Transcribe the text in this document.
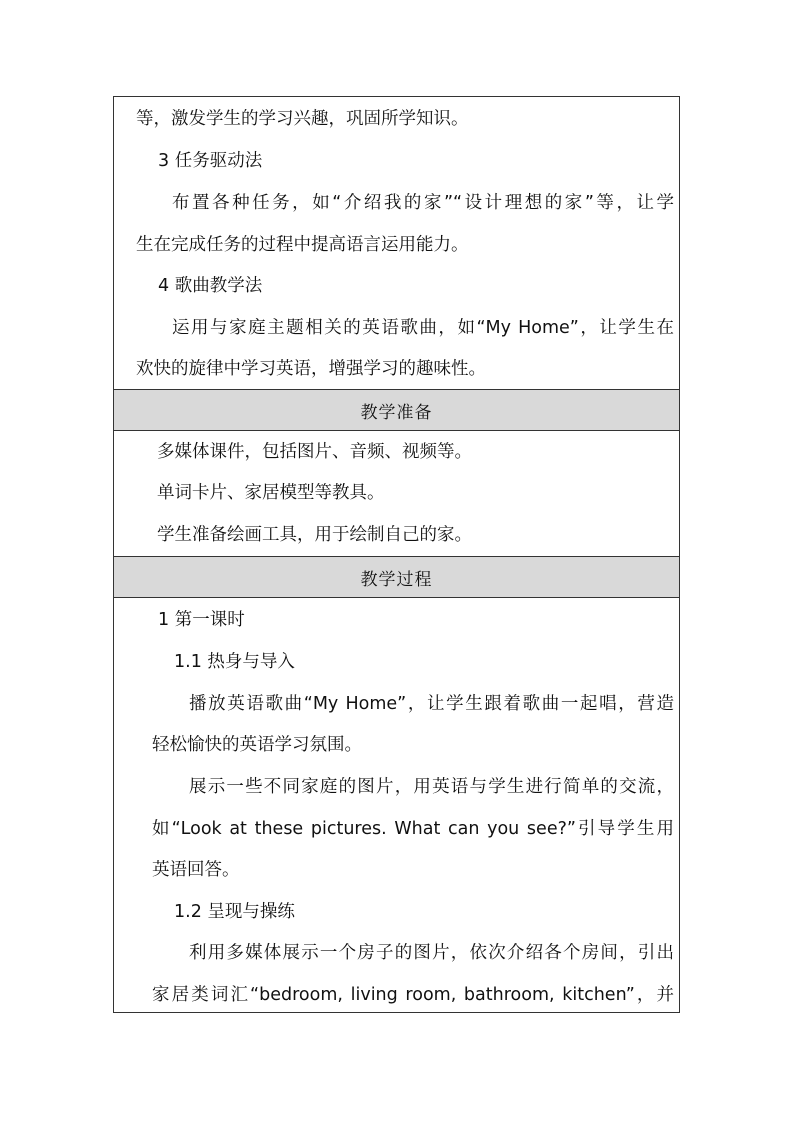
等，激发学生的学习兴趣，巩固所学知识。
3 任务驱动法
布置各种任务，如“介绍我的家”“设计理想的家”等，让学
生在完成任务的过程中提高语言运用能力。
4 歌曲教学法
运用与家庭主题相关的英语歌曲，如“My Home”，让学生在
欢快的旋律中学习英语，增强学习的趣味性。
教学准备
多媒体课件，包括图片、音频、视频等。
单词卡片、家居模型等教具。
学生准备绘画工具，用于绘制自己的家。
教学过程
1 第一课时
1.1 热身与导入
播放英语歌曲“My Home”，让学生跟着歌曲一起唱，营造
轻松愉快的英语学习氛围。
展示一些不同家庭的图片，用英语与学生进行简单的交流，
如“Look at these pictures. What can you see?”引导学生用
英语回答。
1.2 呈现与操练
利用多媒体展示一个房子的图片，依次介绍各个房间，引出
家居类词汇“bedroom, living room, bathroom, kitchen”，并
